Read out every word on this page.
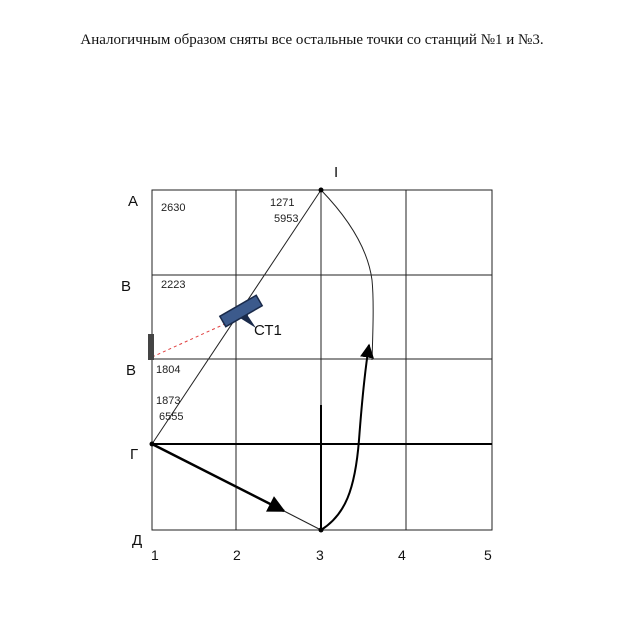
Аналогичным образом сняты все остальные точки со станций №1 и №3.
СТ1
I
А
В
В
Г
Д
1	2	3	4	5
2630	1271
5953
2223
1804
1873
6555
